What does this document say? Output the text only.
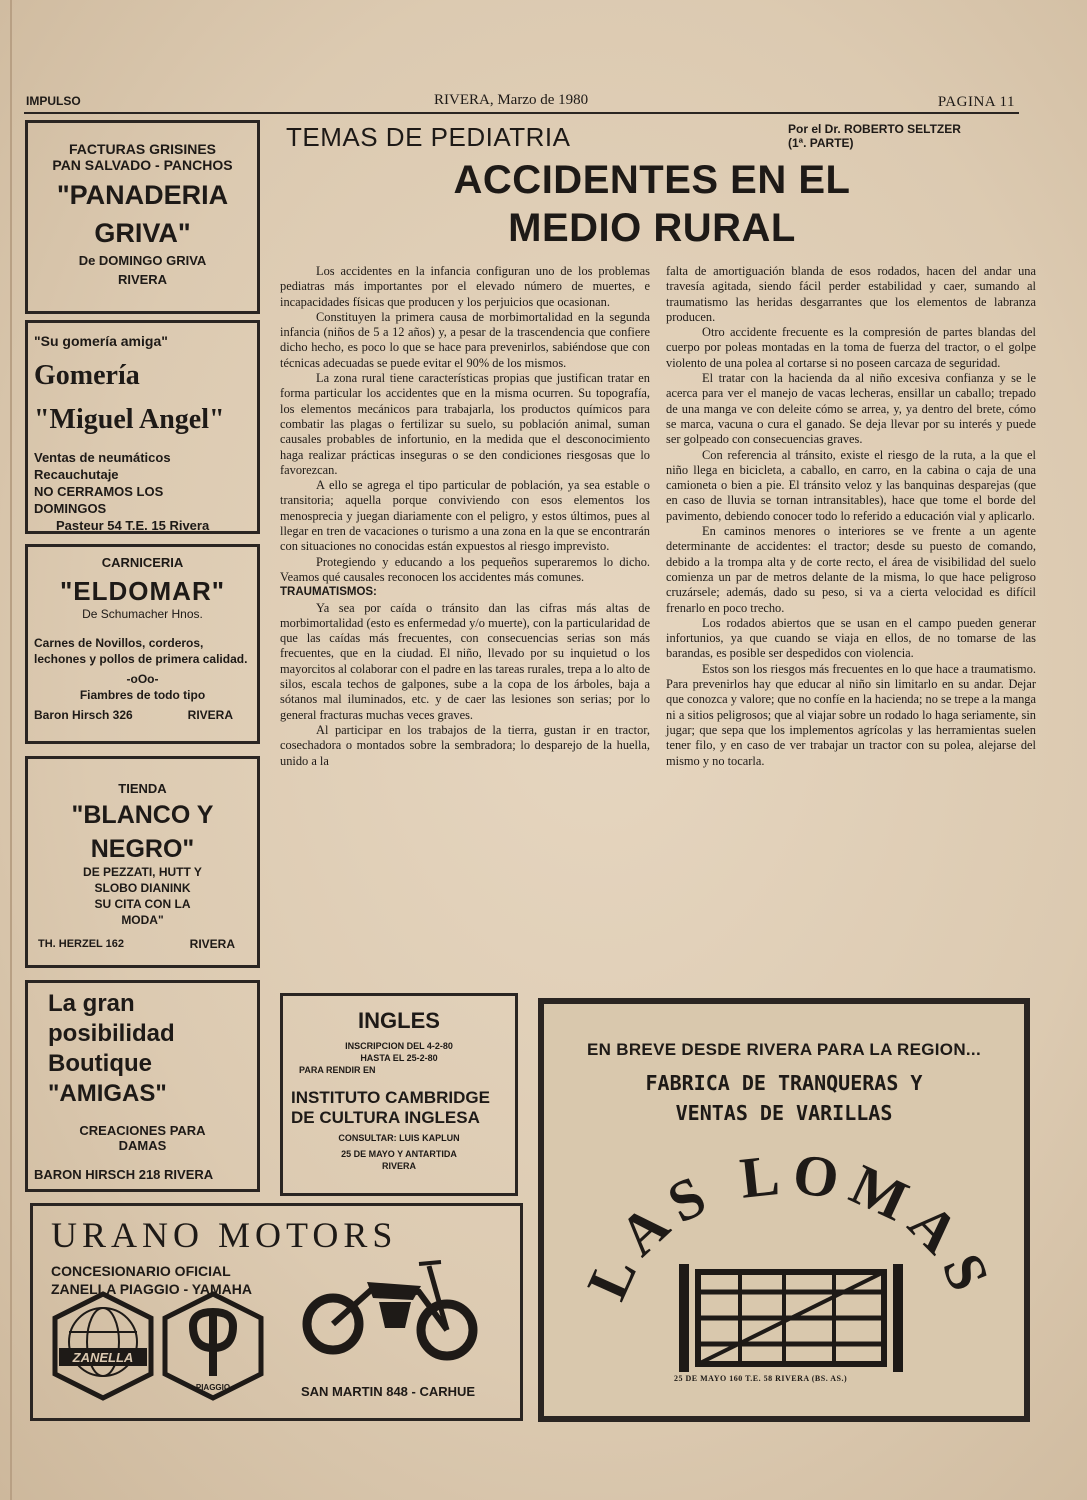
IMPULSO	RIVERA, Marzo de 1980	PAGINA 11
FACTURAS GRISINES
PAN SALVADO - PANCHOS
"PANADERIA
GRIVA"
De DOMINGO GRIVA
RIVERA
"Su gomería amiga"
Gomería
"Miguel Angel"
Ventas de neumáticos
Recauchutaje
NO CERRAMOS LOS
DOMINGOS
Pasteur 54 T.E. 15 Rivera
CARNICERIA
"ELDOMAR"
De Schumacher Hnos.
Carnes de Novillos, corderos, lechones y pollos de primera calidad.
-oOo-
Fiambres de todo tipo
Baron Hirsch 326	RIVERA
TIENDA
"BLANCO Y
NEGRO"
DE PEZZATI, HUTT Y
SLOBO DIANINK
SU CITA CON LA
MODA"
TH. HERZEL 162	RIVERA
La gran
posibilidad
Boutique
"AMIGAS"
CREACIONES PARA
DAMAS
BARON HIRSCH 218 RIVERA
TEMAS DE PEDIATRIA	Por el Dr. ROBERTO SELTZER
(1ª. PARTE)
ACCIDENTES EN EL
MEDIO RURAL

Los accidentes en la infancia configuran uno de los problemas pediatras más importantes por el elevado número de muertes, e incapacidades físicas que producen y los perjuicios que ocasionan.

Constituyen la primera causa de morbimortalidad en la segunda infancia (niños de 5 a 12 años) y, a pesar de la trascendencia que confiere dicho hecho, es poco lo que se hace para prevenirlos, sabiéndose que con técnicas adecuadas se puede evitar el 90% de los mismos.

La zona rural tiene características propias que justifican tratar en forma particular los accidentes que en la misma ocurren. Su topografía, los elementos mecánicos para trabajarla, los productos químicos para combatir las plagas o fertilizar su suelo, su población animal, suman causales probables de infortunio, en la medida que el desconocimiento haga realizar prácticas inseguras o se den condiciones riesgosas que lo favorezcan.

A ello se agrega el tipo particular de población, ya sea estable o transitoria; aquella porque conviviendo con esos elementos los menosprecia y juegan diariamente con el peligro, y estos últimos, pues al llegar en tren de vacaciones o turismo a una zona en la que se encontrarán con situaciones no conocidas están expuestos al riesgo imprevisto.

Protegiendo y educando a los pequeños superaremos lo dicho. Veamos qué causales reconocen los accidentes más comunes.

TRAUMATISMOS:

Ya sea por caída o tránsito dan las cifras más altas de morbimortalidad (esto es enfermedad y/o muerte), con la particularidad de que las caídas más frecuentes, con consecuencias serias son más frecuentes, que en la ciudad. El niño, llevado por su inquietud o los mayorcitos al colaborar con el padre en las tareas rurales, trepa a lo alto de silos, escala techos de galpones, sube a la copa de los árboles, baja a sótanos mal iluminados, etc. y de caer las lesiones son serias; por lo general fracturas muchas veces graves.

Al participar en los trabajos de la tierra, gustan ir en tractor, cosechadora o montados sobre la sembradora; lo desparejo de la huella, unido a la

falta de amortiguación blanda de esos rodados, hacen del andar una travesía agitada, siendo fácil perder estabilidad y caer, sumando al traumatismo las heridas desgarrantes que los elementos de labranza producen.

Otro accidente frecuente es la compresión de partes blandas del cuerpo por poleas montadas en la toma de fuerza del tractor, o el golpe violento de una polea al cortarse si no poseen carcaza de seguridad.

El tratar con la hacienda da al niño excesiva confianza y se le acerca para ver el manejo de vacas lecheras, ensillar un caballo; trepado de una manga ve con deleite cómo se arrea, y, ya dentro del brete, cómo se marca, vacuna o cura el ganado. Se deja llevar por su interés y puede ser golpeado con consecuencias graves.

Con referencia al tránsito, existe el riesgo de la ruta, a la que el niño llega en bicicleta, a caballo, en carro, en la cabina o caja de una camioneta o bien a pie. El tránsito veloz y las banquinas desparejas (que en caso de lluvia se tornan intransitables), hace que tome el borde del pavimento, debiendo conocer todo lo referido a educación vial y aplicarlo.

En caminos menores o interiores se ve frente a un agente determinante de accidentes: el tractor; desde su puesto de comando, debido a la trompa alta y de corte recto, el área de visibilidad del suelo comienza un par de metros delante de la misma, lo que hace peligroso cruzársele; además, dado su peso, si va a cierta velocidad es difícil frenarlo en poco trecho.

Los rodados abiertos que se usan en el campo pueden generar infortunios, ya que cuando se viaja en ellos, de no tomarse de las barandas, es posible ser despedidos con violencia.

Estos son los riesgos más frecuentes en lo que hace a traumatismo. Para prevenirlos hay que educar al niño sin limitarlo en su andar. Dejar que conozca y valore; que no confíe en la hacienda; no se trepe a la manga ni a sitios peligrosos; que al viajar sobre un rodado lo haga seriamente, sin jugar; que sepa que los implementos agrícolas y las herramientas suelen tener filo, y en caso de ver trabajar un tractor con su polea, alejarse del mismo y no tocarla.

INGLES
INSCRIPCION DEL 4-2-80
HASTA EL 25-2-80
PARA RENDIR EN
INSTITUTO CAMBRIDGE
DE CULTURA INGLESA
CONSULTAR: LUIS KAPLUN
25 DE MAYO Y ANTARTIDA
RIVERA
EN BREVE DESDE RIVERA PARA LA REGION...
FABRICA DE TRANQUERAS Y
VENTAS DE VARILLAS
LAS LOMAS
25 DE MAYO 160 T.E. 58 RIVERA (BS. AS.)
URANO MOTORS
CONCESIONARIO OFICIAL
ZANELLA PIAGGIO - YAMAHA
ZANELLA
PIAGGIO	SAN MARTIN 848 - CARHUE
